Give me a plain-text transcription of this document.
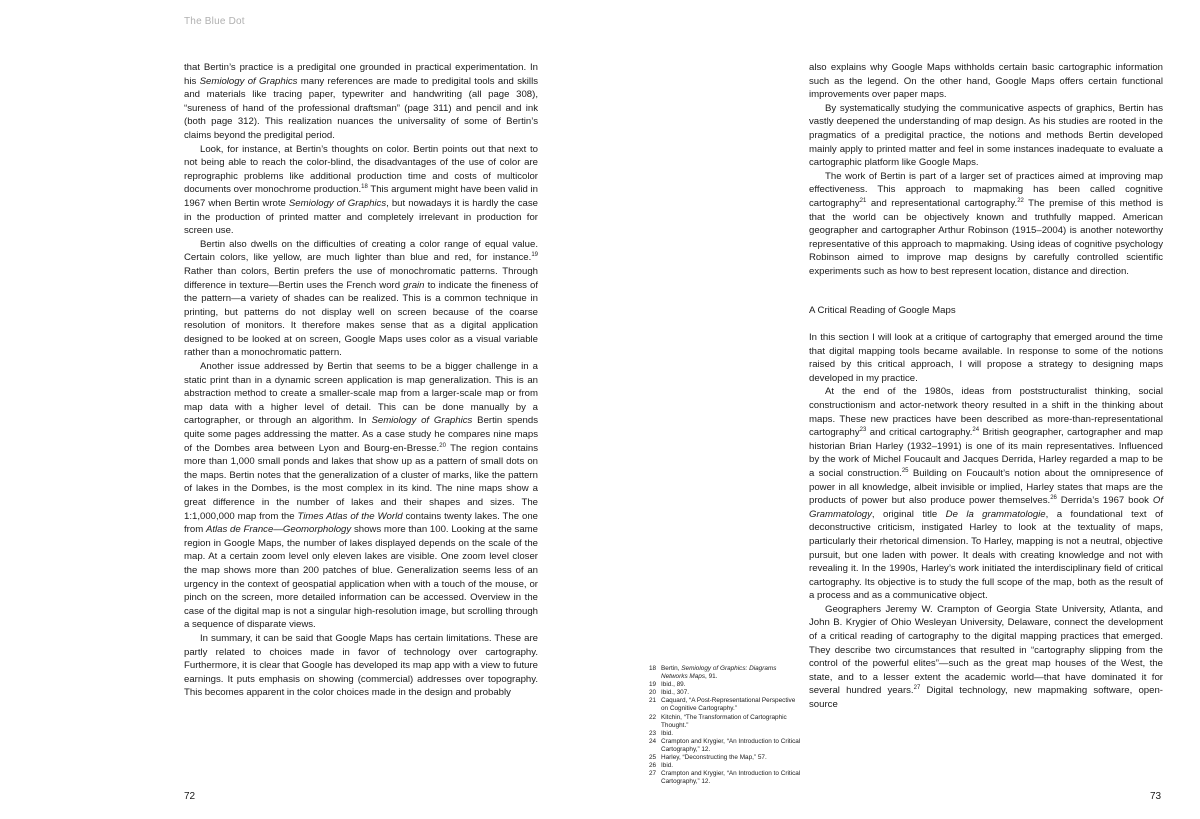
The Blue Dot

that Bertin’s practice is a predigital one grounded in practical experimentation. In his Semiology of Graphics many references are made to predigital tools and skills and materials like tracing paper, typewriter and handwriting (all page 308), “sureness of hand of the professional draftsman” (page 311) and pencil and ink (both page 312). This realization nuances the universality of some of Bertin’s claims beyond the predigital period.

Look, for instance, at Bertin’s thoughts on color. Bertin points out that next to not being able to reach the color-blind, the disadvantages of the use of color are reprographic problems like additional production time and costs of multicolor documents over monochrome production.$^{18}$ This argument might have been valid in 1967 when Bertin wrote Semiology of Graphics, but nowadays it is hardly the case in the production of printed matter and completely irrelevant in production for screen use.

Bertin also dwells on the difficulties of creating a color range of equal value. Certain colors, like yellow, are much lighter than blue and red, for instance.$^{19}$ Rather than colors, Bertin prefers the use of monochromatic patterns. Through difference in texture—Bertin uses the French word grain to indicate the fineness of the pattern—a variety of shades can be realized. This is a common technique in printing, but patterns do not display well on screen because of the coarse resolution of monitors. It therefore makes sense that as a digital application designed to be looked at on screen, Google Maps uses color as a visual variable rather than a monochromatic pattern.

Another issue addressed by Bertin that seems to be a bigger challenge in a static print than in a dynamic screen application is map generalization. This is an abstraction method to create a smaller-scale map from a larger-scale map or from map data with a higher level of detail. This can be done manually by a cartographer, or through an algorithm. In Semiology of Graphics Bertin spends quite some pages addressing the matter. As a case study he compares nine maps of the Dombes area between Lyon and Bourg-en-Bresse.$^{20}$ The region contains more than 1,000 small ponds and lakes that show up as a pattern of small dots on the maps. Bertin notes that the generalization of a cluster of marks, like the pattern of lakes in the Dombes, is the most complex in its kind. The nine maps show a great difference in the number of lakes and their shapes and sizes. The 1:1,000,000 map from the Times Atlas of the World contains twenty lakes. The one from Atlas de France—Geomorphology shows more than 100. Looking at the same region in Google Maps, the number of lakes displayed depends on the scale of the map. At a certain zoom level only eleven lakes are visible. One zoom level closer the map shows more than 200 patches of blue. Generalization seems less of an urgency in the context of geospatial application when with a touch of the mouse, or pinch on the screen, more detailed information can be accessed. Overview in the case of the digital map is not a singular high-resolution image, but scrolling through a sequence of disparate views.

In summary, it can be said that Google Maps has certain limitations. These are partly related to choices made in favor of technology over cartography. Furthermore, it is clear that Google has developed its map app with a view to future earnings. It puts emphasis on showing (commercial) addresses over topography. This becomes apparent in the color choices made in the design and probably

also explains why Google Maps withholds certain basic cartographic information such as the legend. On the other hand, Google Maps offers certain functional improvements over paper maps.

By systematically studying the communicative aspects of graphics, Bertin has vastly deepened the understanding of map design. As his studies are rooted in the pragmatics of a predigital practice, the notions and methods Bertin developed mainly apply to printed matter and feel in some instances inadequate to evaluate a cartographic platform like Google Maps.

The work of Bertin is part of a larger set of practices aimed at improving map effectiveness. This approach to mapmaking has been called cognitive cartography$^{21}$ and representational cartography.$^{22}$ The premise of this method is that the world can be objectively known and truthfully mapped. American geographer and cartographer Arthur Robinson (1915–2004) is another noteworthy representative of this approach to mapmaking. Using ideas of cognitive psychology Robinson aimed to improve map designs by carefully controlled scientific experiments such as how to best represent location, distance and direction.

A Critical Reading of Google Maps

In this section I will look at a critique of cartography that emerged around the time that digital mapping tools became available. In response to some of the notions raised by this critical approach, I will propose a strategy to designing maps developed in my practice.

At the end of the 1980s, ideas from poststructuralist thinking, social constructionism and actor-network theory resulted in a shift in the thinking about maps. These new practices have been described as more-than-representational cartography$^{23}$ and critical cartography.$^{24}$ British geographer, cartographer and map historian Brian Harley (1932–1991) is one of its main representatives. Influenced by the work of Michel Foucault and Jacques Derrida, Harley regarded a map to be a social construction.$^{25}$ Building on Foucault’s notion about the omnipresence of power in all knowledge, albeit invisible or implied, Harley states that maps are the products of power but also produce power themselves.$^{26}$ Derrida’s 1967 book Of Grammatology, original title De la grammatologie, a foundational text of deconstructive criticism, instigated Harley to look at the textuality of maps, particularly their rhetorical dimension. To Harley, mapping is not a neutral, objective pursuit, but one laden with power. It deals with creating knowledge and not with revealing it. In the 1990s, Harley’s work initiated the interdisciplinary field of critical cartography. Its objective is to study the full scope of the map, both as the result of a process and as a communicative object.

Geographers Jeremy W. Crampton of Georgia State University, Atlanta, and John B. Krygier of Ohio Wesleyan University, Delaware, connect the development of a critical reading of cartography to the digital mapping practices that emerged. They describe two circumstances that resulted in “cartography slipping from the control of the powerful elites”—such as the great map houses of the West, the state, and to a lesser extent the academic world—that have dominated it for several hundred years.$^{27}$ Digital technology, new mapmaking software, open-source

18 Bertin, Semiology of Graphics: Diagrams Networks Maps, 91.
19 Ibid., 89.
20 Ibid., 307.
21 Caquard, “A Post-Representational Perspective on Cognitive Cartography.”
22 Kitchin, “The Transformation of Cartographic Thought.”
23 Ibid.
24 Crampton and Krygier, “An Introduction to Critical Cartography,” 12.
25 Harley, “Deconstructing the Map,” 57.
26 Ibid.
27 Crampton and Krygier, “An Introduction to Critical Cartography,” 12.
72	73
